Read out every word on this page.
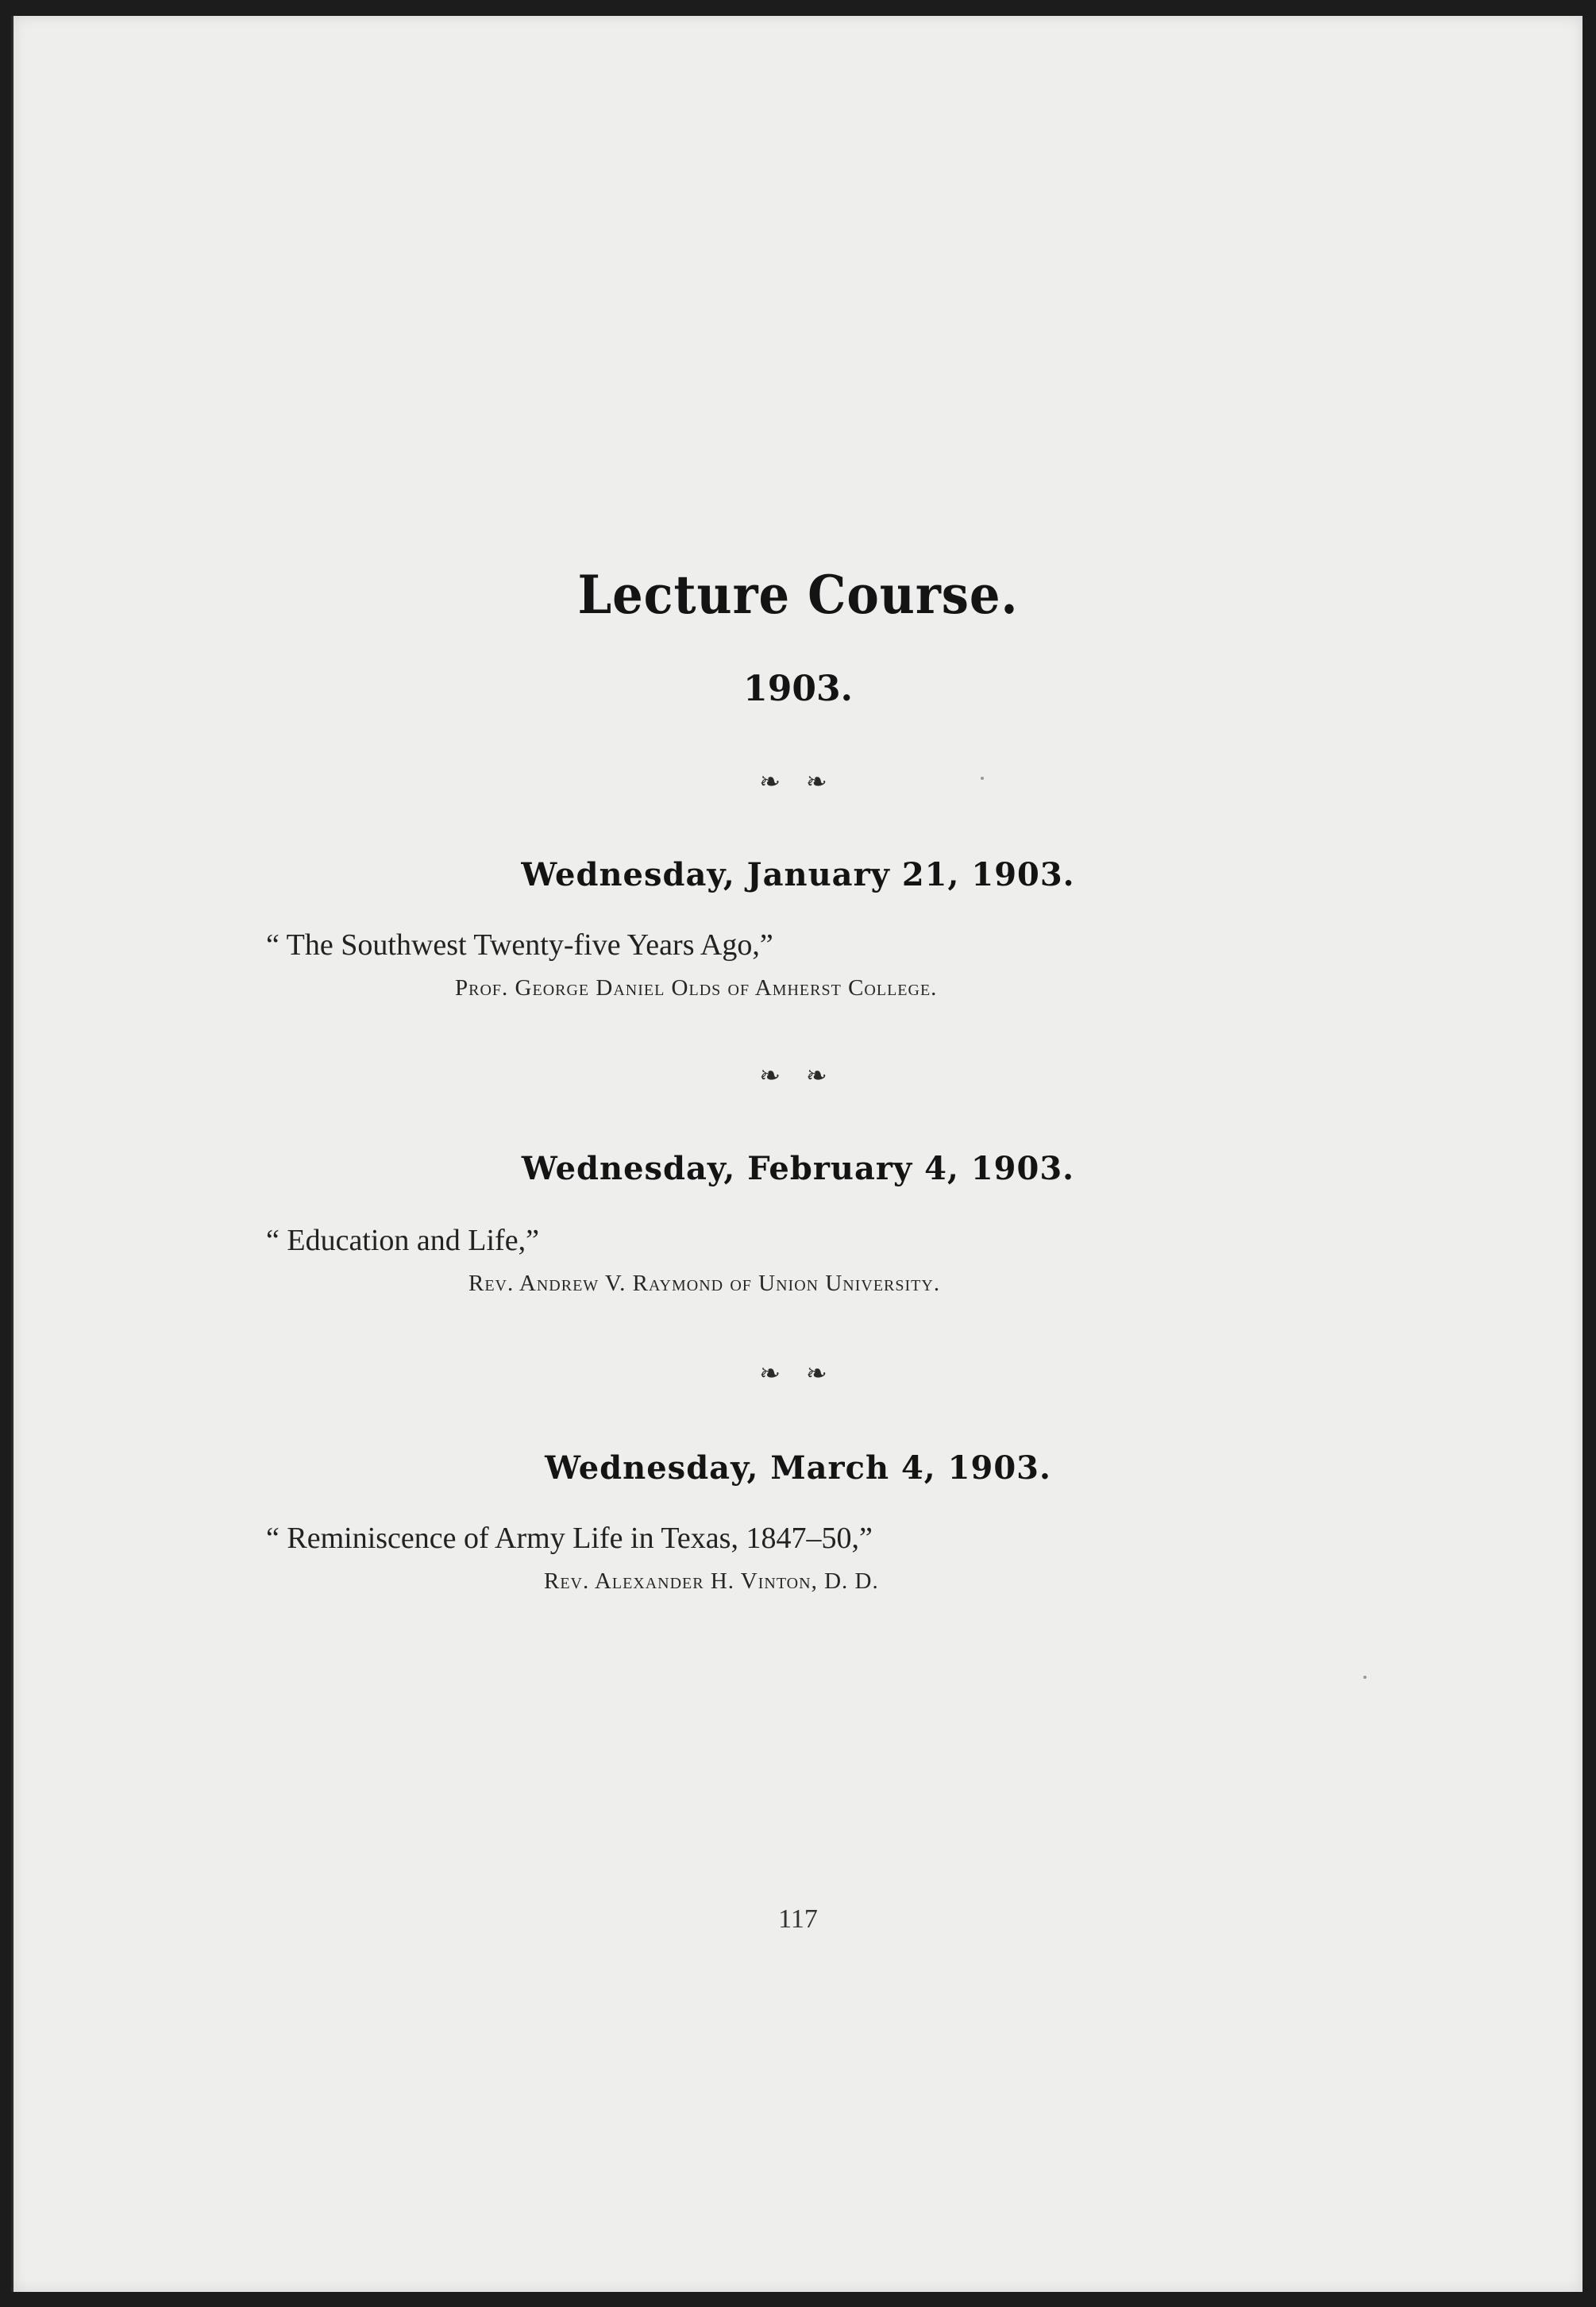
Lecture Course.
1903.
❧ ❧
Wednesday, January 21, 1903.
“ The Southwest Twenty-five Years Ago,”
Prof. George Daniel Olds of Amherst College.
❧ ❧
Wednesday, February 4, 1903.
“ Education and Life,”
Rev. Andrew V. Raymond of Union University.
❧ ❧
Wednesday, March 4, 1903.
“ Reminiscence of Army Life in Texas, 1847–50,”
Rev. Alexander H. Vinton, D. D.
117
